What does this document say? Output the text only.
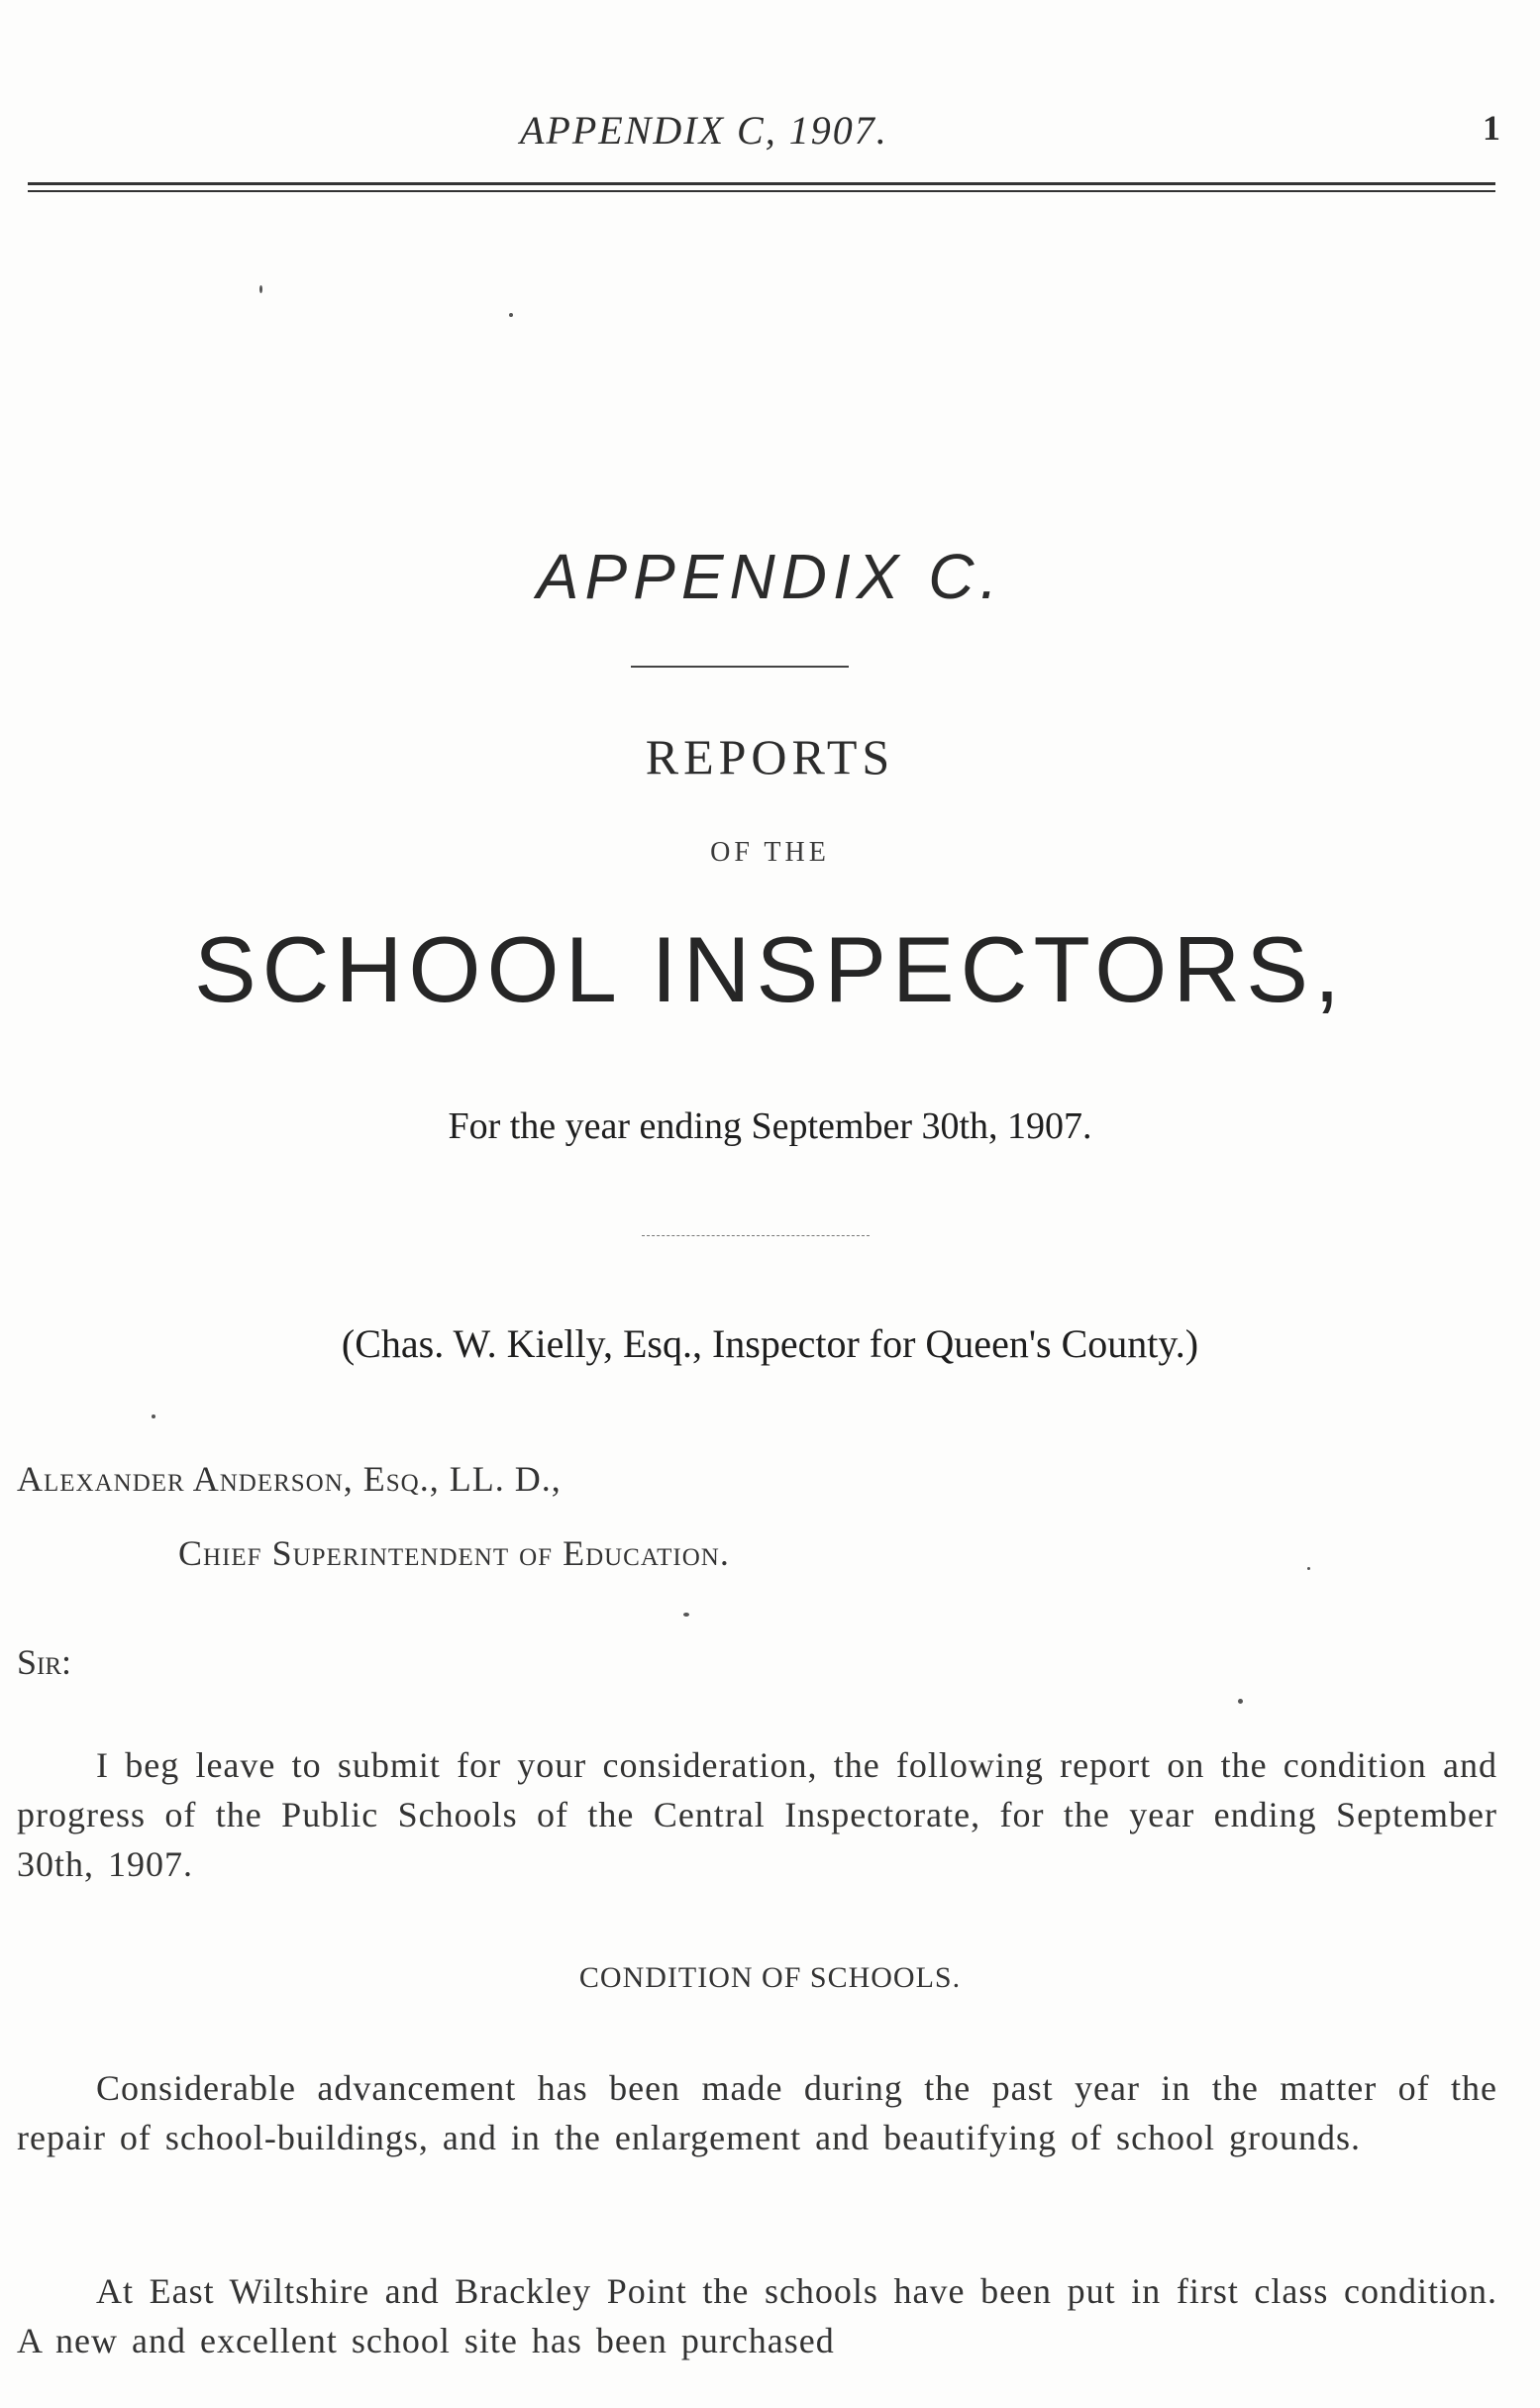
APPENDIX C, 1907.	1
APPENDIX C.
REPORTS
OF THE
SCHOOL INSPECTORS,
For the year ending September 30th, 1907.
(Chas. W. Kielly, Esq., Inspector for Queen's County.)
Alexander Anderson, Esq., LL. D.,
Chief Superintendent of Education.
Sir:

I beg leave to submit for your consideration, the following report on the condition and progress of the Public Schools of the Central Inspectorate, for the year ending September 30th, 1907.

CONDITION OF SCHOOLS.

Considerable advancement has been made during the past year in the matter of the repair of school-buildings, and in the enlargement and beautifying of school grounds.

At East Wiltshire and Brackley Point the schools have been put in first class condition. A new and excellent school site has been purchased
